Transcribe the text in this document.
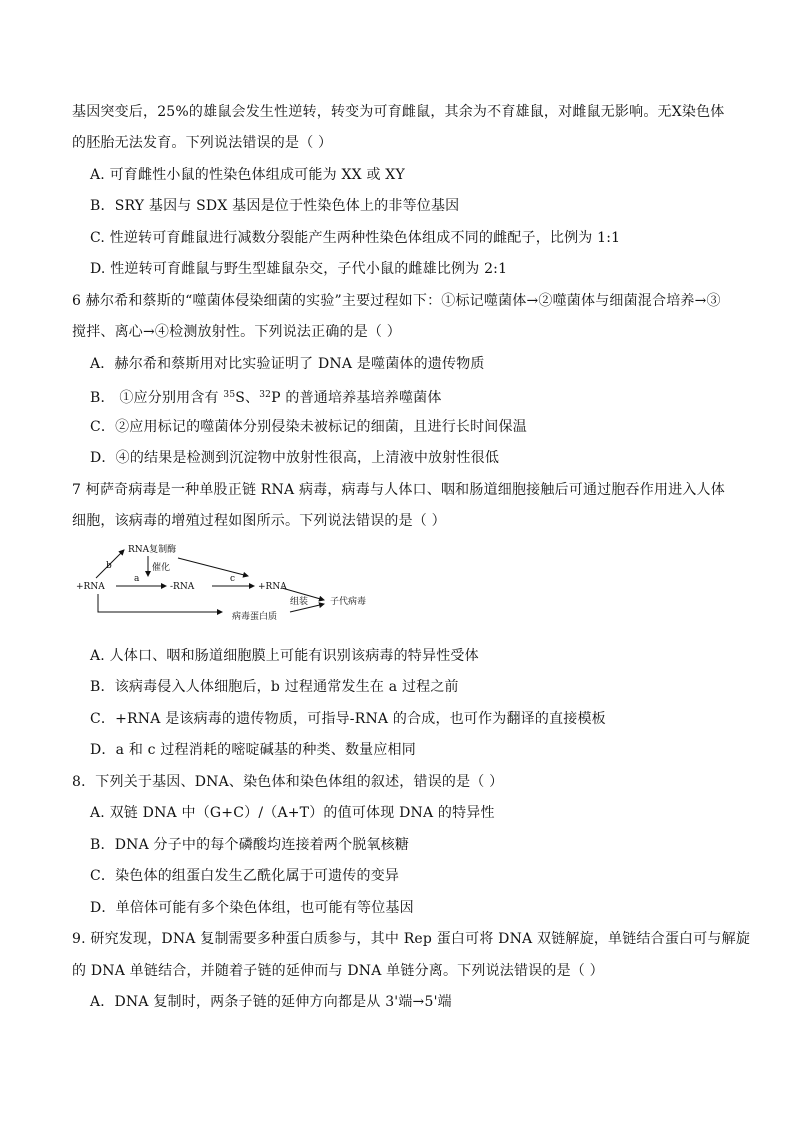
基因突变后，25%的雄鼠会发生性逆转，转变为可育雌鼠，其余为不育雄鼠，对雌鼠无影响。无X染色体
的胚胎无法发育。下列说法错误的是（ ）
A. 可育雌性小鼠的性染色体组成可能为 XX 或 XY
B．SRY 基因与 SDX 基因是位于性染色体上的非等位基因
C. 性逆转可育雌鼠进行减数分裂能产生两种性染色体组成不同的雌配子，比例为 1:1
D. 性逆转可育雌鼠与野生型雄鼠杂交，子代小鼠的雌雄比例为 2:1
6 赫尔希和蔡斯的“噬菌体侵染细菌的实验”主要过程如下：①标记噬菌体→②噬菌体与细菌混合培养→③
搅拌、离心→④检测放射性。下列说法正确的是（ ）
A．赫尔希和蔡斯用对比实验证明了 DNA 是噬菌体的遗传物质
B． ①应分别用含有 $^{35}$S、$^{32}$P 的普通培养基培养噬菌体
C．②应用标记的噬菌体分别侵染未被标记的细菌，且进行长时间保温
D．④的结果是检测到沉淀物中放射性很高，上清液中放射性很低
7 柯萨奇病毒是一种单股正链 RNA 病毒，病毒与人体口、咽和肠道细胞接触后可通过胞吞作用进入人体
细胞，该病毒的增殖过程如图所示。下列说法错误的是（ ）
RNA复制酶
催化
b
a	c
+RNA	-RNA	+RNA
组装 子代病毒
病毒蛋白质
A. 人体口、咽和肠道细胞膜上可能有识别该病毒的特异性受体
B．该病毒侵入人体细胞后，b 过程通常发生在 a 过程之前
C．+RNA 是该病毒的遗传物质，可指导-RNA 的合成，也可作为翻译的直接模板
D．a 和 c 过程消耗的嘧啶碱基的种类、数量应相同
8．下列关于基因、DNA、染色体和染色体组的叙述，错误的是（ ）
A. 双链 DNA 中（G+C）/（A+T）的值可体现 DNA 的特异性
B．DNA 分子中的每个磷酸均连接着两个脱氧核糖
C．染色体的组蛋白发生乙酰化属于可遗传的变异
D．单倍体可能有多个染色体组，也可能有等位基因
9. 研究发现，DNA 复制需要多种蛋白质参与，其中 Rep 蛋白可将 DNA 双链解旋，单链结合蛋白可与解旋
的 DNA 单链结合，并随着子链的延伸而与 DNA 单链分离。下列说法错误的是（ ）
A．DNA 复制时，两条子链的延伸方向都是从 3'端→5'端
